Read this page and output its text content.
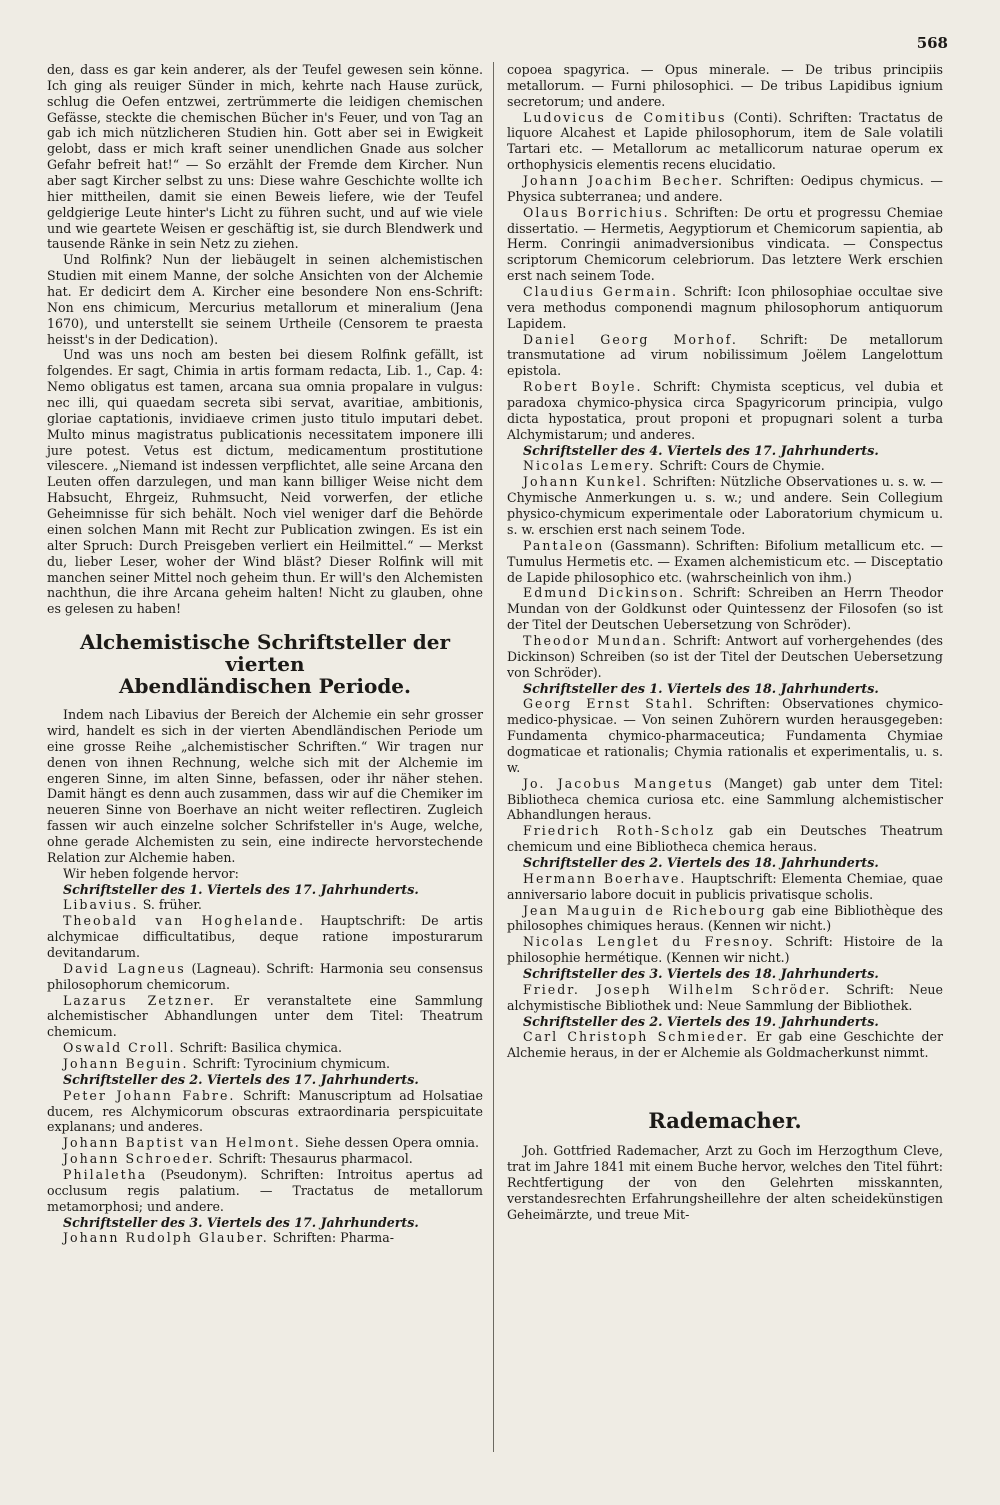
568

den, dass es gar kein anderer, als der Teufel gewesen sein könne. Ich ging als reuiger Sünder in mich, kehrte nach Hause zurück, schlug die Oefen entzwei, zertrümmerte die leidigen chemischen Gefässe, steckte die chemischen Bücher in's Feuer, und von Tag an gab ich mich nützlicheren Studien hin. Gott aber sei in Ewigkeit gelobt, dass er mich kraft seiner unendlichen Gnade aus solcher Gefahr befreit hat!“ — So erzählt der Fremde dem Kircher. Nun aber sagt Kircher selbst zu uns: Diese wahre Geschichte wollte ich hier mittheilen, damit sie einen Beweis liefere, wie der Teufel geldgierige Leute hinter's Licht zu führen sucht, und auf wie viele und wie geartete Weisen er geschäftig ist, sie durch Blendwerk und tausende Ränke in sein Netz zu ziehen.

Und Rolfink? Nun der liebäugelt in seinen alchemistischen Studien mit einem Manne, der solche Ansichten von der Alchemie hat. Er dedicirt dem A. Kircher eine besondere Non ens-Schrift: Non ens chimicum, Mercurius metallorum et mineralium (Jena 1670), und unterstellt sie seinem Urtheile (Censorem te praesta heisst's in der Dedication).

Und was uns noch am besten bei diesem Rolfink gefällt, ist folgendes. Er sagt, Chimia in artis formam redacta, Lib. 1., Cap. 4: Nemo obligatus est tamen, arcana sua omnia propalare in vulgus: nec illi, qui quaedam secreta sibi servat, avaritiae, ambitionis, gloriae captationis, invidiaeve crimen justo titulo imputari debet. Multo minus magistratus publicationis necessitatem imponere illi jure potest. Vetus est dictum, medicamentum prostitutione vilescere. „Niemand ist indessen verpflichtet, alle seine Arcana den Leuten offen darzulegen, und man kann billiger Weise nicht dem Habsucht, Ehrgeiz, Ruhmsucht, Neid vorwerfen, der etliche Geheimnisse für sich behält. Noch viel weniger darf die Behörde einen solchen Mann mit Recht zur Publication zwingen. Es ist ein alter Spruch: Durch Preisgeben verliert ein Heilmittel.“ — Merkst du, lieber Leser, woher der Wind bläst? Dieser Rolfink will mit manchen seiner Mittel noch geheim thun. Er will's den Alchemisten nachthun, die ihre Arcana geheim halten! Nicht zu glauben, ohne es gelesen zu haben!

Alchemistische Schriftsteller der vierten
Abendländischen Periode.

Indem nach Libavius der Bereich der Alchemie ein sehr grosser wird, handelt es sich in der vierten Abendländischen Periode um eine grosse Reihe „alchemistischer Schriften.“ Wir tragen nur denen von ihnen Rechnung, welche sich mit der Alchemie im engeren Sinne, im alten Sinne, befassen, oder ihr näher stehen. Damit hängt es denn auch zusammen, dass wir auf die Chemiker im neueren Sinne von Boerhave an nicht weiter reflectiren. Zugleich fassen wir auch einzelne solcher Schrifsteller in's Auge, welche, ohne gerade Alchemisten zu sein, eine indirecte hervorstechende Relation zur Alchemie haben.

Wir heben folgende hervor:

Schriftsteller des 1. Viertels des 17. Jahrhunderts.

Libavius. S. früher.

Theobald van Hoghelande. Hauptschrift: De artis alchymicae difficultatibus, deque ratione imposturarum devitandarum.

David Lagneus (Lagneau). Schrift: Harmonia seu consensus philosophorum chemicorum.

Lazarus Zetzner. Er veranstaltete eine Sammlung alchemistischer Abhandlungen unter dem Titel: Theatrum chemicum.

Oswald Croll. Schrift: Basilica chymica.

Johann Beguin. Schrift: Tyrocinium chymicum.

Schriftsteller des 2. Viertels des 17. Jahrhunderts.

Peter Johann Fabre. Schrift: Manuscriptum ad Holsatiae ducem, res Alchymicorum obscuras extraordinaria perspicuitate explanans; und anderes.

Johann Baptist van Helmont. Siehe dessen Opera omnia.

Johann Schroeder. Schrift: Thesaurus pharmacol.

Philaletha (Pseudonym). Schriften: Introitus apertus ad occlusum regis palatium. — Tractatus de metallorum metamorphosi; und andere.

Schriftsteller des 3. Viertels des 17. Jahrhunderts.

Johann Rudolph Glauber. Schriften: Pharma-

copoea spagyrica. — Opus minerale. — De tribus principiis metallorum. — Furni philosophici. — De tribus Lapidibus ignium secretorum; und andere.

Ludovicus de Comitibus (Conti). Schriften: Tractatus de liquore Alcahest et Lapide philosophorum, item de Sale volatili Tartari etc. — Metallorum ac metallicorum naturae operum ex orthophysicis elementis recens elucidatio.

Johann Joachim Becher. Schriften: Oedipus chymicus. — Physica subterranea; und andere.

Olaus Borrichius. Schriften: De ortu et progressu Chemiae dissertatio. — Hermetis, Aegyptiorum et Chemicorum sapientia, ab Herm. Conringii animadversionibus vindicata. — Conspectus scriptorum Chemicorum celebriorum. Das letztere Werk erschien erst nach seinem Tode.

Claudius Germain. Schrift: Icon philosophiae occultae sive vera methodus componendi magnum philosophorum antiquorum Lapidem.

Daniel Georg Morhof. Schrift: De metallorum transmutatione ad virum nobilissimum Joëlem Langelottum epistola.

Robert Boyle. Schrift: Chymista scepticus, vel dubia et paradoxa chymico-physica circa Spagyricorum principia, vulgo dicta hypostatica, prout proponi et propugnari solent a turba Alchymistarum; und anderes.

Schriftsteller des 4. Viertels des 17. Jahrhunderts.

Nicolas Lemery. Schrift: Cours de Chymie.

Johann Kunkel. Schriften: Nützliche Observationes u. s. w. — Chymische Anmerkungen u. s. w.; und andere. Sein Collegium physico-chymicum experimentale oder Laboratorium chymicum u. s. w. erschien erst nach seinem Tode.

Pantaleon (Gassmann). Schriften: Bifolium metallicum etc. — Tumulus Hermetis etc. — Examen alchemisticum etc. — Disceptatio de Lapide philosophico etc. (wahrscheinlich von ihm.)

Edmund Dickinson. Schrift: Schreiben an Herrn Theodor Mundan von der Goldkunst oder Quintessenz der Filosofen (so ist der Titel der Deutschen Uebersetzung von Schröder).

Theodor Mundan. Schrift: Antwort auf vorhergehendes (des Dickinson) Schreiben (so ist der Titel der Deutschen Uebersetzung von Schröder).

Schriftsteller des 1. Viertels des 18. Jahrhunderts.

Georg Ernst Stahl. Schriften: Observationes chymico-medico-physicae. — Von seinen Zuhörern wurden herausgegeben: Fundamenta chymico-pharmaceutica; Fundamenta Chymiae dogmaticae et rationalis; Chymia rationalis et experimentalis, u. s. w.

Jo. Jacobus Mangetus (Manget) gab unter dem Titel: Bibliotheca chemica curiosa etc. eine Sammlung alchemistischer Abhandlungen heraus.

Friedrich Roth-Scholz gab ein Deutsches Theatrum chemicum und eine Bibliotheca chemica heraus.

Schriftsteller des 2. Viertels des 18. Jahrhunderts.

Hermann Boerhave. Hauptschrift: Elementa Chemiae, quae anniversario labore docuit in publicis privatisque scholis.

Jean Mauguin de Richebourg gab eine Bibliothèque des philosophes chimiques heraus. (Kennen wir nicht.)

Nicolas Lenglet du Fresnoy. Schrift: Histoire de la philosophie hermétique. (Kennen wir nicht.)

Schriftsteller des 3. Viertels des 18. Jahrhunderts.

Friedr. Joseph Wilhelm Schröder. Schrift: Neue alchymistische Bibliothek und: Neue Sammlung der Bibliothek.

Schriftsteller des 2. Viertels des 19. Jahrhunderts.

Carl Christoph Schmieder. Er gab eine Geschichte der Alchemie heraus, in der er Alchemie als Goldmacherkunst nimmt.

Rademacher.

Joh. Gottfried Rademacher, Arzt zu Goch im Herzogthum Cleve, trat im Jahre 1841 mit einem Buche hervor, welches den Titel führt: Rechtfertigung der von den Gelehrten misskannten, verstandesrechten Erfahrungsheillehre der alten scheidekünstigen Geheimärzte, und treue Mit-
